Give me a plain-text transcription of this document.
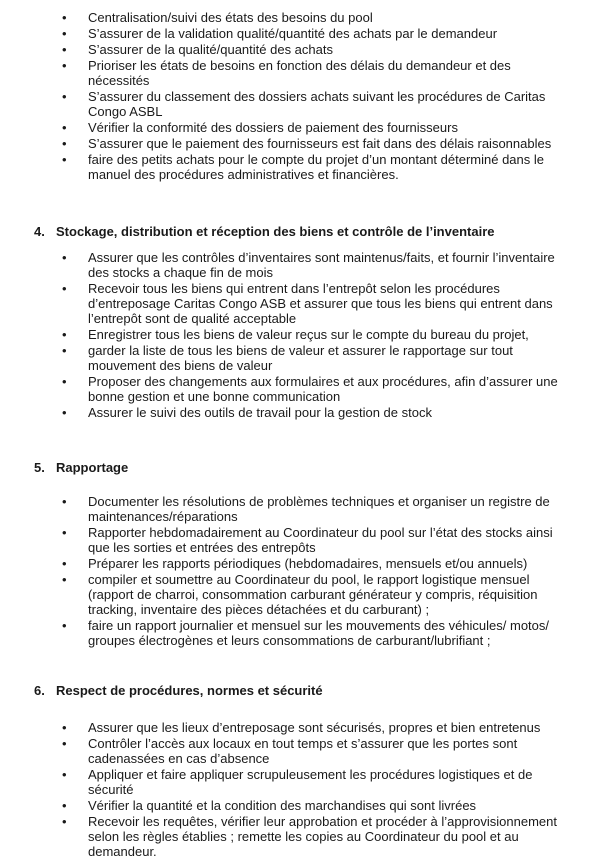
• Centralisation/suivi des états des besoins du pool
• S’assurer de la validation qualité/quantité des achats par le demandeur
• S’assurer de la qualité/quantité des achats
• Prioriser les états de besoins en fonction des délais du demandeur et des nécessités
• S’assurer du classement des dossiers achats suivant les procédures de Caritas Congo ASBL
• Vérifier la conformité des dossiers de paiement des fournisseurs
• S’assurer que le paiement des fournisseurs est fait dans des délais raisonnables
• faire des petits achats pour le compte du projet d’un montant déterminé dans le manuel des procédures administratives et financières.

4. Stockage, distribution et réception des biens et contrôle de l’inventaire

• Assurer que les contrôles d’inventaires sont maintenus/faits, et fournir l’inventaire des stocks a chaque fin de mois
• Recevoir tous les biens qui entrent dans l’entrepôt selon les procédures d’entreposage Caritas Congo ASB et assurer que tous les biens qui entrent dans l’entrepôt sont de qualité acceptable
• Enregistrer tous les biens de valeur reçus sur le compte du bureau du projet,
• garder la liste de tous les biens de valeur et assurer le rapportage sur tout mouvement des biens de valeur
• Proposer des changements aux formulaires et aux procédures, afin d’assurer une bonne gestion et une bonne communication
• Assurer le suivi des outils de travail pour la gestion de stock

5. Rapportage

• Documenter les résolutions de problèmes techniques et organiser un registre de maintenances/réparations
• Rapporter hebdomadairement au Coordinateur du pool sur l’état des stocks ainsi que les sorties et entrées des entrepôts
• Préparer les rapports périodiques (hebdomadaires, mensuels et/ou annuels)
• compiler et soumettre au Coordinateur du pool, le rapport logistique mensuel (rapport de charroi, consommation carburant générateur y compris, réquisition tracking, inventaire des pièces détachées et du carburant) ;
• faire un rapport journalier et mensuel sur les mouvements des véhicules/ motos/ groupes électrogènes et leurs consommations de carburant/lubrifiant ;

6. Respect de procédures, normes et sécurité

• Assurer que les lieux d’entreposage sont sécurisés, propres et bien entretenus
• Contrôler l’accès aux locaux en tout temps et s’assurer que les portes sont cadenassées en cas d’absence
• Appliquer et faire appliquer scrupuleusement les procédures logistiques et de sécurité
• Vérifier la quantité et la condition des marchandises qui sont livrées
• Recevoir les requêtes, vérifier leur approbation et procéder à l’approvisionnement selon les règles établies ; remette les copies au Coordinateur du pool et au demandeur.
